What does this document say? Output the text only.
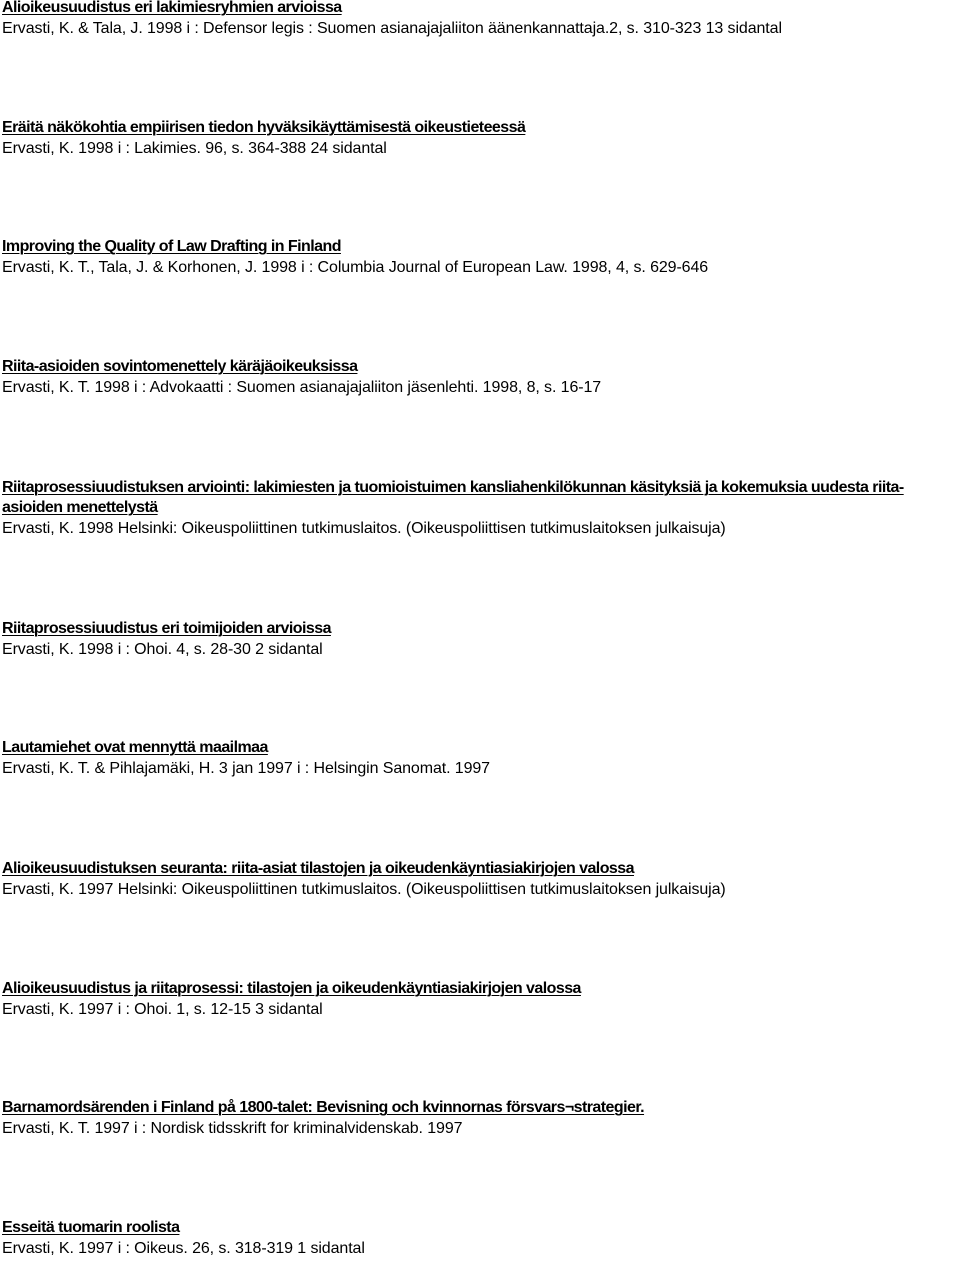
Alioikeusuudistus eri lakimiesryhmien arvioissa
Ervasti, K. & Tala, J. 1998 i : Defensor legis : Suomen asianajajaliiton äänenkannattaja.2, s. 310-323 13 sidantal
Eräitä näkökohtia empiirisen tiedon hyväksikäyttämisestä oikeustieteessä
Ervasti, K. 1998 i : Lakimies. 96, s. 364-388 24 sidantal
Improving the Quality of Law Drafting in Finland
Ervasti, K. T., Tala, J. & Korhonen, J. 1998 i : Columbia Journal of European Law. 1998, 4, s. 629-646
Riita-asioiden sovintomenettely käräjäoikeuksissa
Ervasti, K. T. 1998 i : Advokaatti : Suomen asianajajaliiton jäsenlehti. 1998, 8, s. 16-17
Riitaprosessiuudistuksen arviointi: lakimiesten ja tuomioistuimen kansliahenkilökunnan käsityksiä ja kokemuksia uudesta riita-asioiden menettelystä
Ervasti, K. 1998 Helsinki: Oikeuspoliittinen tutkimuslaitos. (Oikeuspoliittisen tutkimuslaitoksen julkaisuja)
Riitaprosessiuudistus eri toimijoiden arvioissa
Ervasti, K. 1998 i : Ohoi. 4, s. 28-30 2 sidantal
Lautamiehet ovat mennyttä maailmaa
Ervasti, K. T. & Pihlajamäki, H. 3 jan 1997 i : Helsingin Sanomat. 1997
Alioikeusuudistuksen seuranta: riita-asiat tilastojen ja oikeudenkäyntiasiakirjojen valossa
Ervasti, K. 1997 Helsinki: Oikeuspoliittinen tutkimuslaitos. (Oikeuspoliittisen tutkimuslaitoksen julkaisuja)
Alioikeusuudistus ja riitaprosessi: tilastojen ja oikeudenkäyntiasiakirjojen valossa
Ervasti, K. 1997 i : Ohoi. 1, s. 12-15 3 sidantal
Barnamordsärenden i Finland på 1800-talet: Bevisning och kvinnornas försvars¬strategier.
Ervasti, K. T. 1997 i : Nordisk tidsskrift for kriminalvidenskab. 1997
Esseitä tuomarin roolista
Ervasti, K. 1997 i : Oikeus. 26, s. 318-319 1 sidantal
